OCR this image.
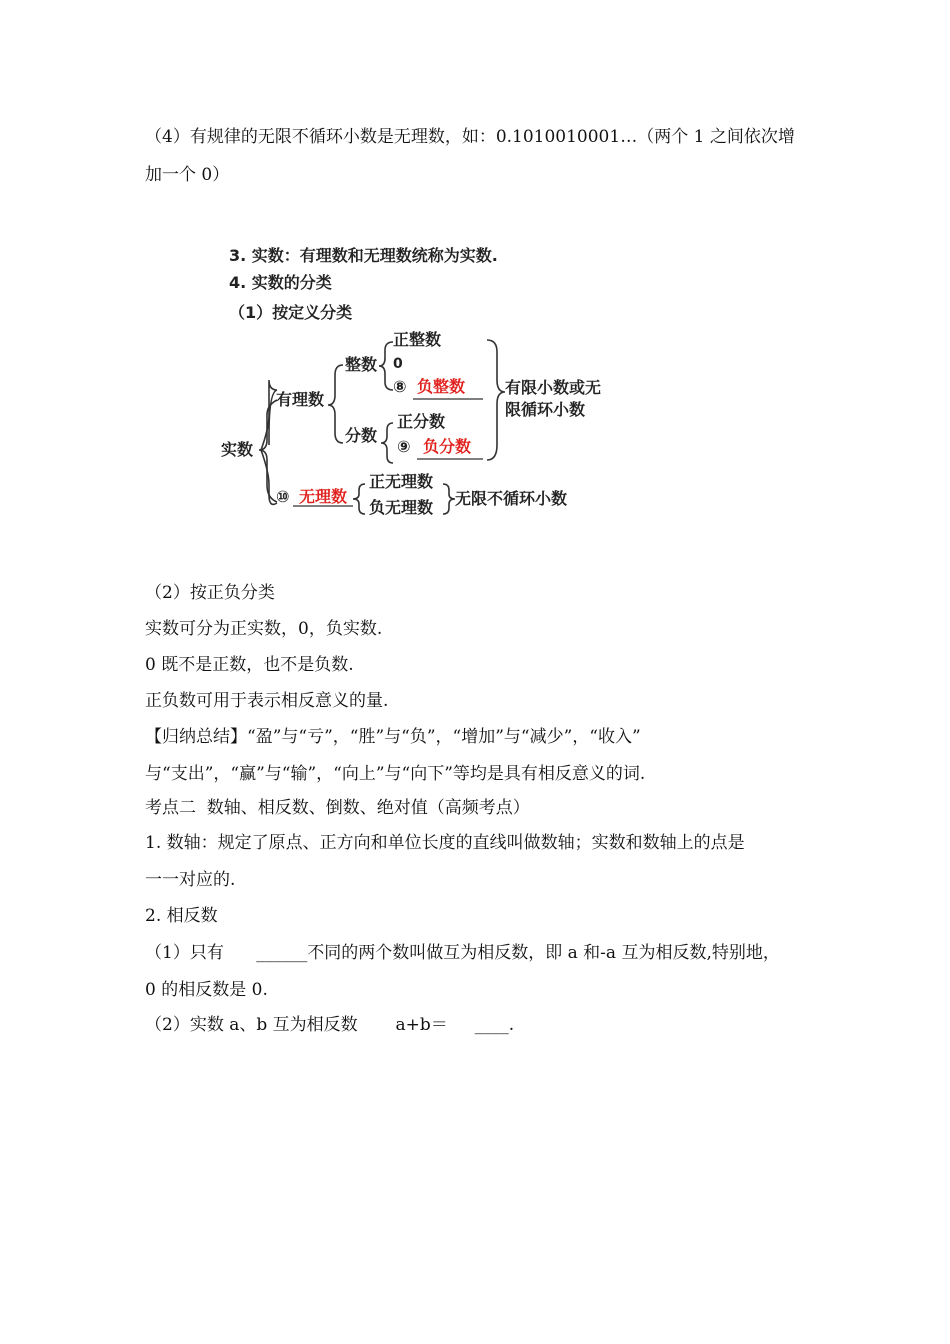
（4）有规律的无限不循环小数是无理数，如：0.1010010001…（两个 1 之间依次增
加一个 0）
3. 实数：有理数和无理数统称为实数.
4. 实数的分类
（1）按定义分类
实数
有理数
整数
分数
正整数
0
⑧ 负整数
正分数
⑨ 负分数
⑩ 无理数
正无理数
负无理数
有限小数或无
限循环小数
无限不循环小数
（2）按正负分类
实数可分为正实数，0，负实数.
0 既不是正数，也不是负数.
正负数可用于表示相反意义的量.
【归纳总结】“盈”与“亏”，“胜”与“负”，“增加”与“减少”，“收入”
与“支出”，“赢”与“输”，“向上”与“向下”等均是具有相反意义的词.
考点二  数轴、相反数、倒数、绝对值（高频考点）
1. 数轴：规定了原点、正方向和单位长度的直线叫做数轴；实数和数轴上的点是
一一对应的.
2. 相反数
（1）只有      ______不同的两个数叫做互为相反数，即 a 和-a 互为相反数,特别地，
0 的相反数是 0.
（2）实数 a、b 互为相反数       a+b＝     ____.
